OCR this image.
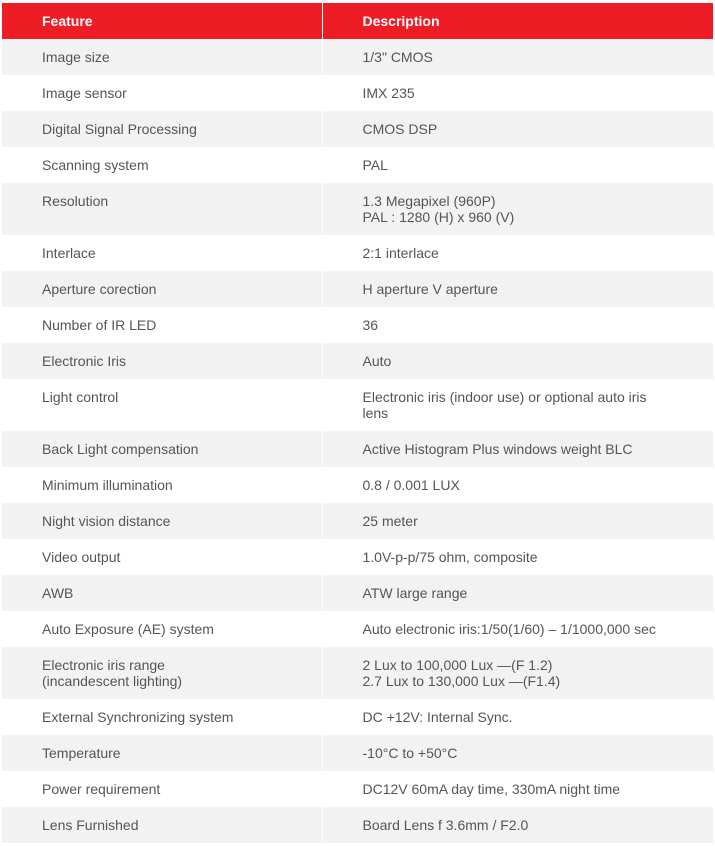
Feature	Description

Image size	1/3" CMOS

Image sensor	IMX 235

Digital Signal Processing	CMOS DSP

Scanning system	PAL

Resolution	1.3 Megapixel (960P)
PAL : 1280 (H) x 960 (V)

Interlace	2:1 interlace

Aperture corection	H aperture V aperture

Number of IR LED	36

Electronic Iris	Auto

Light control	Electronic iris (indoor use) or optional auto iris lens

Back Light compensation	Active Histogram Plus windows weight BLC

Minimum illumination	0.8 / 0.001 LUX

Night vision distance	25 meter

Video output	1.0V-p-p/75 ohm, composite

AWB	ATW large range

Auto Exposure (AE) system	Auto electronic iris:1/50(1/60) – 1/1000,000 sec

Electronic iris range
(incandescent lighting)	2 Lux to 100,000 Lux —(F 1.2)
2.7 Lux to 130,000 Lux —(F1.4)

External Synchronizing system	DC +12V: Internal Sync.

Temperature	-10°C to +50°C

Power requirement	DC12V 60mA day time, 330mA night time

Lens Furnished	Board Lens f 3.6mm / F2.0
